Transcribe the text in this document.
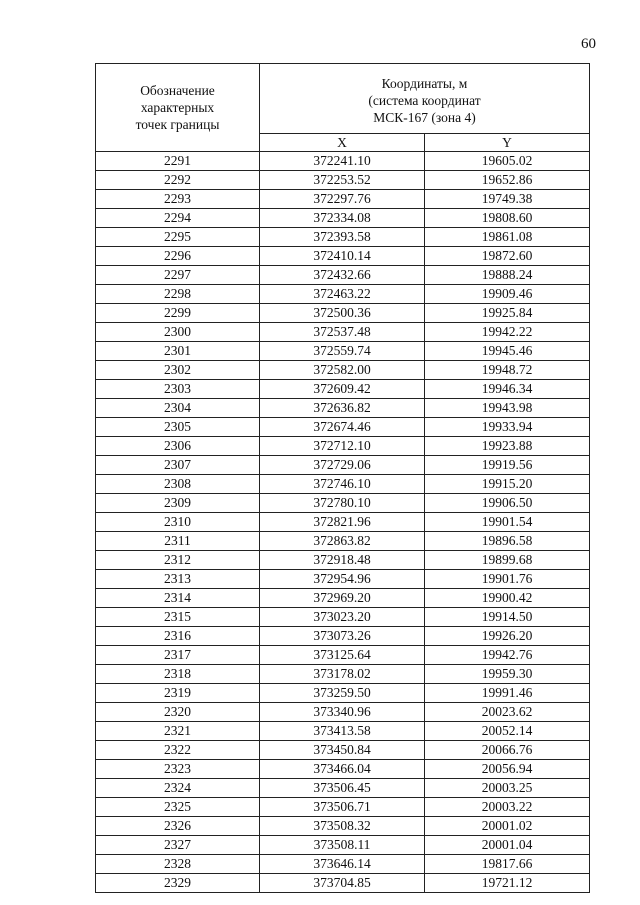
60
Обозначение
характерных
точек границы	Координаты, м
(система координат
МСК-167 (зона 4)	

	X	Y
2291	372241.10	19605.02
2292	372253.52	19652.86
2293	372297.76	19749.38
2294	372334.08	19808.60
2295	372393.58	19861.08
2296	372410.14	19872.60
2297	372432.66	19888.24
2298	372463.22	19909.46
2299	372500.36	19925.84
2300	372537.48	19942.22
2301	372559.74	19945.46
2302	372582.00	19948.72
2303	372609.42	19946.34
2304	372636.82	19943.98
2305	372674.46	19933.94
2306	372712.10	19923.88
2307	372729.06	19919.56
2308	372746.10	19915.20
2309	372780.10	19906.50
2310	372821.96	19901.54
2311	372863.82	19896.58
2312	372918.48	19899.68
2313	372954.96	19901.76
2314	372969.20	19900.42
2315	373023.20	19914.50
2316	373073.26	19926.20
2317	373125.64	19942.76
2318	373178.02	19959.30
2319	373259.50	19991.46
2320	373340.96	20023.62
2321	373413.58	20052.14
2322	373450.84	20066.76
2323	373466.04	20056.94
2324	373506.45	20003.25
2325	373506.71	20003.22
2326	373508.32	20001.02
2327	373508.11	20001.04
2328	373646.14	19817.66
2329	373704.85	19721.12
